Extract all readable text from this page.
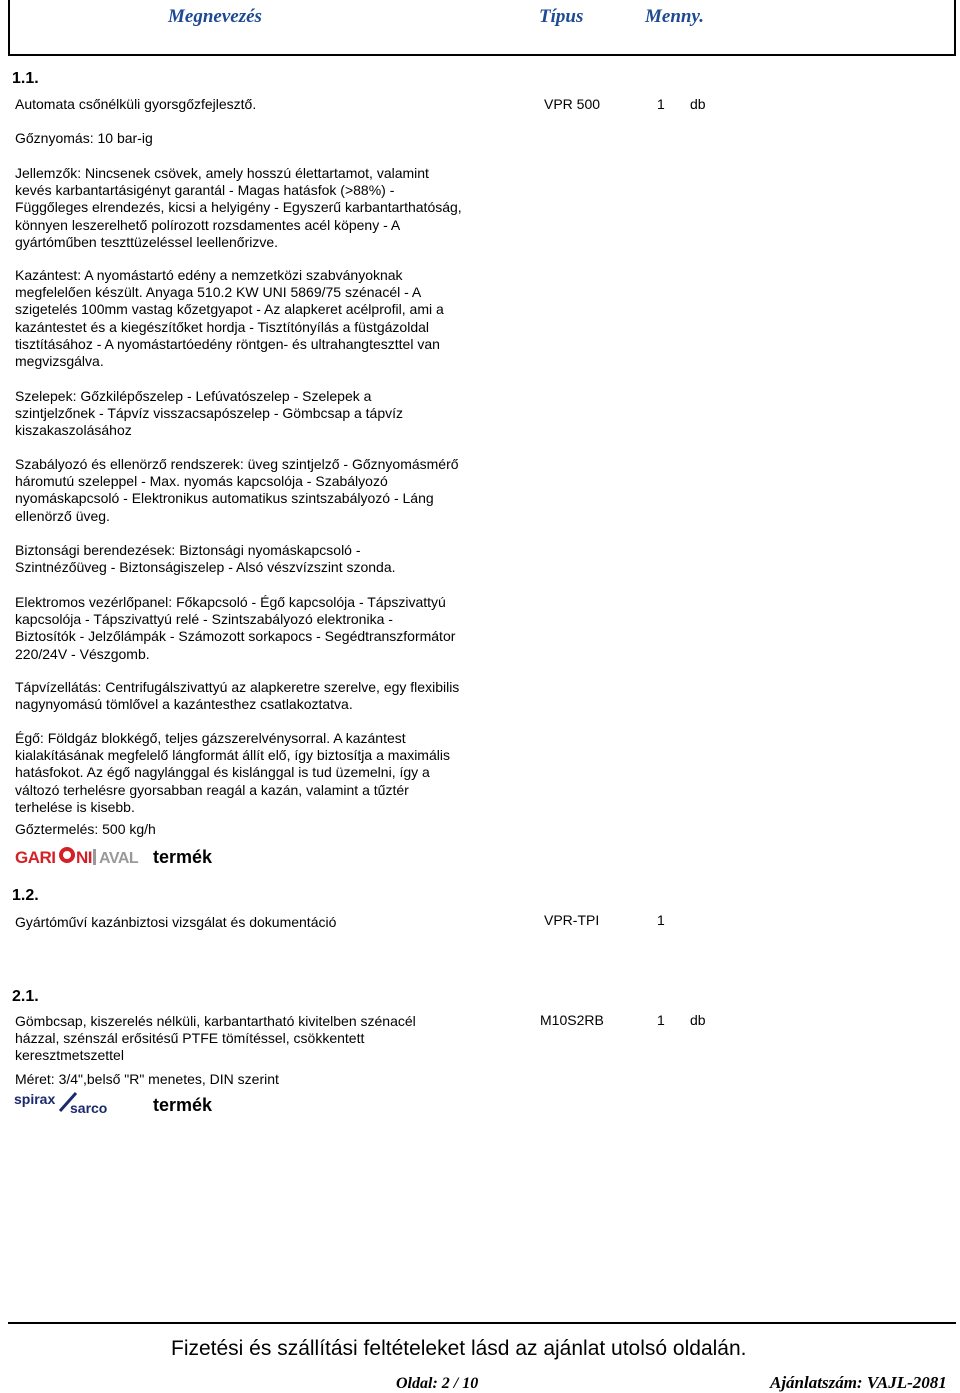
Megnevezés	Típus	Menny.
1.1.
Automata csőnélküli gyorsgőzfejlesztő.	VPR 500	1 db
Gőznyomás: 10 bar-ig
Jellemzők: Nincsenek csövek, amely hosszú élettartamot, valamint
kevés karbantartásigényt garantál - Magas hatásfok (>88%) -
Függőleges elrendezés, kicsi a helyigény - Egyszerű karbantarthatóság,
könnyen leszerelhető polírozott rozsdamentes acél köpeny - A
gyártóműben teszttüzeléssel leellenőrizve.
Kazántest: A nyomástartó edény a nemzetközi szabványoknak
megfelelően készült. Anyaga 510.2 KW UNI 5869/75 szénacél - A
szigetelés 100mm vastag kőzetgyapot - Az alapkeret acélprofil, ami a
kazántestet és a kiegészítőket hordja - Tisztítónyílás a füstgázoldal
tisztításához - A nyomástartóedény röntgen- és ultrahangteszttel van
megvizsgálva.
Szelepek: Gőzkilépőszelep - Lefúvatószelep - Szelepek a
szintjelzőnek - Tápvíz visszacsapószelep - Gömbcsap a tápvíz
kiszakaszolásához
Szabályozó és ellenörző rendszerek: üveg szintjelző - Gőznyomásmérő
háromutú szeleppel - Max. nyomás kapcsolója - Szabályozó
nyomáskapcsoló - Elektronikus automatikus szintszabályozó - Láng
ellenörző üveg.
Biztonsági berendezések: Biztonsági nyomáskapcsoló -
Szintnézőüveg - Biztonságiszelep - Alsó vészvízszint szonda.
Elektromos vezérlőpanel: Főkapcsoló - Égő kapcsolója - Tápszivattyú
kapcsolója - Tápszivattyú relé - Szintszabályozó elektronika -
Biztosítók - Jelzőlámpák - Számozott sorkapocs - Segédtranszformátor
220/24V - Vészgomb.
Tápvízellátás: Centrifugálszivattyú az alapkeretre szerelve, egy flexibilis
nagynyomású tömlővel a kazántesthez csatlakoztatva.
Égő: Földgáz blokkégő, teljes gázszerelvénysorral. A kazántest
kialakításának megfelelő lángformát állít elő, így biztosítja a maximális
hatásfokot. Az égő nagylánggal és kislánggal is tud üzemelni, így a
változó terhelésre gyorsabban reagál a kazán, valamint a tűztér
terhelése is kisebb.
Gőztermelés: 500 kg/h
GARI NI AVAL termék
1.2.
Gyártóműví kazánbiztosi vizsgálat és dokumentáció	VPR-TPI	1
2.1.
Gömbcsap, kiszerelés nélküli, karbantartható kivitelben szénacél
házzal, szénszál erősitésű PTFE tömítéssel, csökkentett
keresztmetszettel
M10S2RB	1 db
Méret: 3/4",belső "R" menetes, DIN szerint
spirax
sarco	termék
Fizetési és szállítási feltételeket lásd az ajánlat utolsó oldalán.
Oldal: 2 / 10	Ajánlatszám: VAJL-2081
